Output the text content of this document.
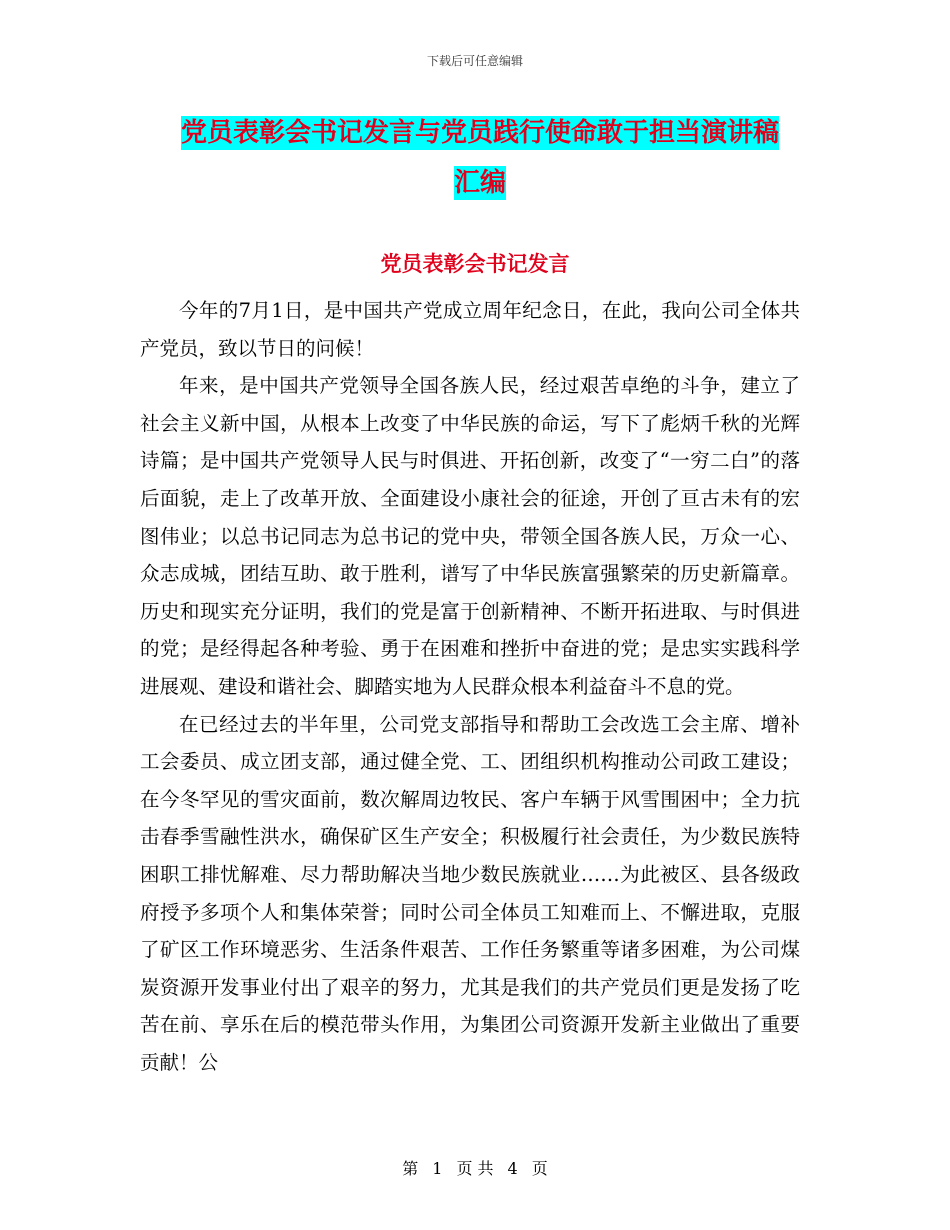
下载后可任意编辑
党员表彰会书记发言与党员践行使命敢于担当演讲稿
汇编
党员表彰会书记发言

今年的7月1日，是中国共产党成立周年纪念日，在此，我向公司全体共产党员，致以节日的问候！

年来，是中国共产党领导全国各族人民，经过艰苦卓绝的斗争，建立了社会主义新中国，从根本上改变了中华民族的命运，写下了彪炳千秋的光辉诗篇；是中国共产党领导人民与时俱进、开拓创新，改变了“一穷二白”的落后面貌，走上了改革开放、全面建设小康社会的征途，开创了亘古未有的宏图伟业；以总书记同志为总书记的党中央，带领全国各族人民，万众一心、众志成城，团结互助、敢于胜利，谱写了中华民族富强繁荣的历史新篇章。历史和现实充分证明，我们的党是富于创新精神、不断开拓进取、与时俱进的党；是经得起各种考验、勇于在困难和挫折中奋进的党；是忠实实践科学进展观、建设和谐社会、脚踏实地为人民群众根本利益奋斗不息的党。

在已经过去的半年里，公司党支部指导和帮助工会改选工会主席、增补工会委员、成立团支部，通过健全党、工、团组织机构推动公司政工建设；在今冬罕见的雪灾面前，数次解周边牧民、客户车辆于风雪围困中；全力抗击春季雪融性洪水，确保矿区生产安全；积极履行社会责任，为少数民族特困职工排忧解难、尽力帮助解决当地少数民族就业……为此被区、县各级政府授予多项个人和集体荣誉；同时公司全体员工知难而上、不懈进取，克服了矿区工作环境恶劣、生活条件艰苦、工作任务繁重等诸多困难，为公司煤炭资源开发事业付出了艰辛的努力，尤其是我们的共产党员们更是发扬了吃苦在前、享乐在后的模范带头作用，为集团公司资源开发新主业做出了重要贡献！公

第 1 页 共 4 页
